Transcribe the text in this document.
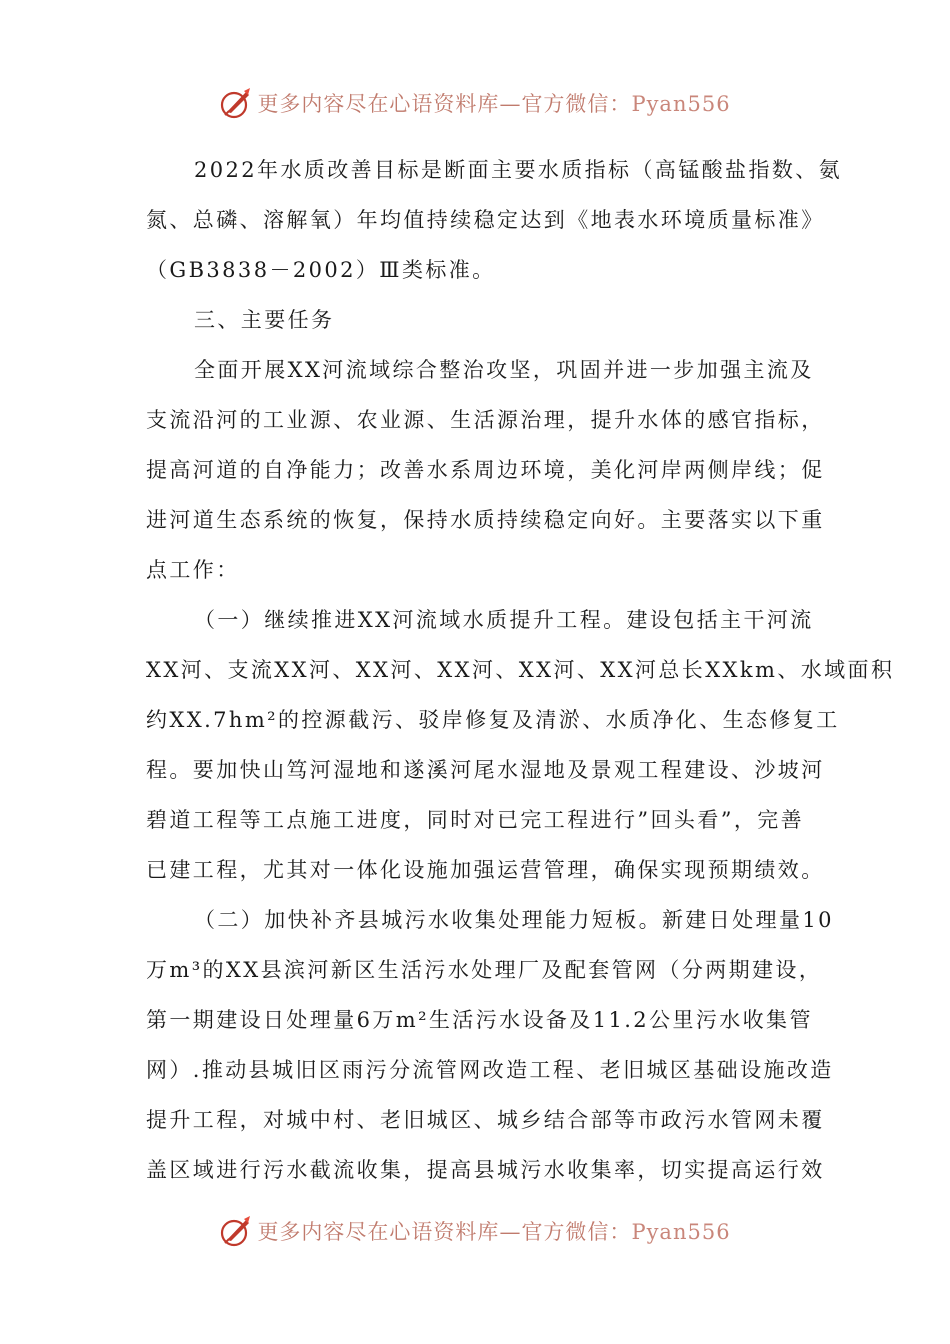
更多内容尽在心语资料库—官方微信：Pyan556
2022年水质改善目标是断面主要水质指标（高锰酸盐指数、氨
氮、总磷、溶解氧）年均值持续稳定达到《地表水环境质量标准》
（GB3838－2002）Ⅲ类标准。
三、主要任务
全面开展XX河流域综合整治攻坚，巩固并进一步加强主流及
支流沿河的工业源、农业源、生活源治理，提升水体的感官指标，
提高河道的自净能力；改善水系周边环境，美化河岸两侧岸线；促
进河道生态系统的恢复，保持水质持续稳定向好。主要落实以下重
点工作：
（一）继续推进XX河流域水质提升工程。建设包括主干河流
XX河、支流XX河、XX河、XX河、XX河、XX河总长XXkm、水域面积
约XX.7hm²的控源截污、驳岸修复及清淤、水质净化、生态修复工
程。要加快山笃河湿地和遂溪河尾水湿地及景观工程建设、沙坡河
碧道工程等工点施工进度，同时对已完工程进行”回头看”，完善
已建工程，尤其对一体化设施加强运营管理，确保实现预期绩效。
（二）加快补齐县城污水收集处理能力短板。新建日处理量10
万m³的XX县滨河新区生活污水处理厂及配套管网（分两期建设，
第一期建设日处理量6万m²生活污水设备及11.2公里污水收集管
网）.推动县城旧区雨污分流管网改造工程、老旧城区基础设施改造
提升工程，对城中村、老旧城区、城乡结合部等市政污水管网未覆
盖区域进行污水截流收集，提高县城污水收集率，切实提高运行效
更多内容尽在心语资料库—官方微信：Pyan556
